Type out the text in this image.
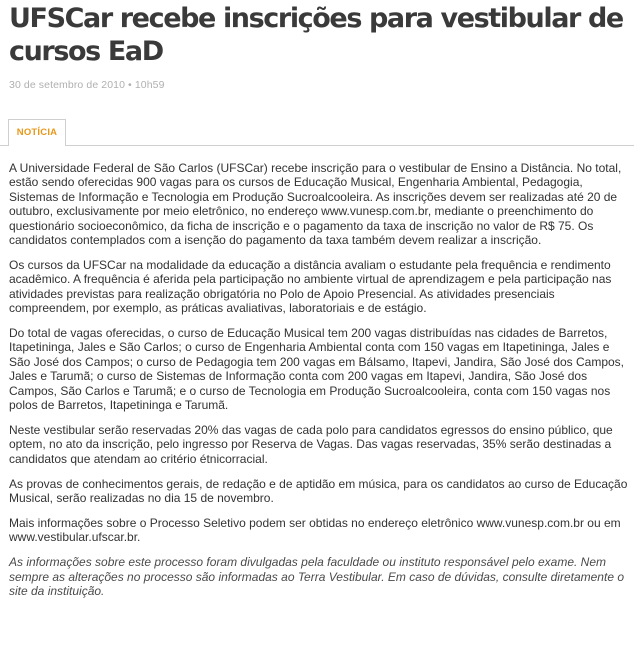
UFSCar recebe inscrições para vestibular de cursos EaD
30 de setembro de 2010 • 10h59
NOTÍCIA

A Universidade Federal de São Carlos (UFSCar) recebe inscrição para o vestibular de Ensino a Distância. No total, estão sendo oferecidas 900 vagas para os cursos de Educação Musical, Engenharia Ambiental, Pedagogia, Sistemas de Informação e Tecnologia em Produção Sucroalcooleira. As inscrições devem ser realizadas até 20 de outubro, exclusivamente por meio eletrônico, no endereço www.vunesp.com.br, mediante o preenchimento do questionário socioeconômico, da ficha de inscrição e o pagamento da taxa de inscrição no valor de R$ 75. Os candidatos contemplados com a isenção do pagamento da taxa também devem realizar a inscrição.

Os cursos da UFSCar na modalidade da educação a distância avaliam o estudante pela frequência e rendimento acadêmico. A frequência é aferida pela participação no ambiente virtual de aprendizagem e pela participação nas atividades previstas para realização obrigatória no Polo de Apoio Presencial. As atividades presenciais compreendem, por exemplo, as práticas avaliativas, laboratoriais e de estágio.

Do total de vagas oferecidas, o curso de Educação Musical tem 200 vagas distribuídas nas cidades de Barretos, Itapetininga, Jales e São Carlos; o curso de Engenharia Ambiental conta com 150 vagas em Itapetininga, Jales e São José dos Campos; o curso de Pedagogia tem 200 vagas em Bálsamo, Itapevi, Jandira, São José dos Campos, Jales e Tarumã; o curso de Sistemas de Informação conta com 200 vagas em Itapevi, Jandira, São José dos Campos, São Carlos e Tarumã; e o curso de Tecnologia em Produção Sucroalcooleira, conta com 150 vagas nos polos de Barretos, Itapetininga e Tarumã.

Neste vestibular serão reservadas 20% das vagas de cada polo para candidatos egressos do ensino público, que optem, no ato da inscrição, pelo ingresso por Reserva de Vagas. Das vagas reservadas, 35% serão destinadas a candidatos que atendam ao critério étnicorracial.

As provas de conhecimentos gerais, de redação e de aptidão em música, para os candidatos ao curso de Educação Musical, serão realizadas no dia 15 de novembro.

Mais informações sobre o Processo Seletivo podem ser obtidas no endereço eletrônico www.vunesp.com.br ou em www.vestibular.ufscar.br.

As informações sobre este processo foram divulgadas pela faculdade ou instituto responsável pelo exame. Nem sempre as alterações no processo são informadas ao Terra Vestibular. Em caso de dúvidas, consulte diretamente o site da instituição.
